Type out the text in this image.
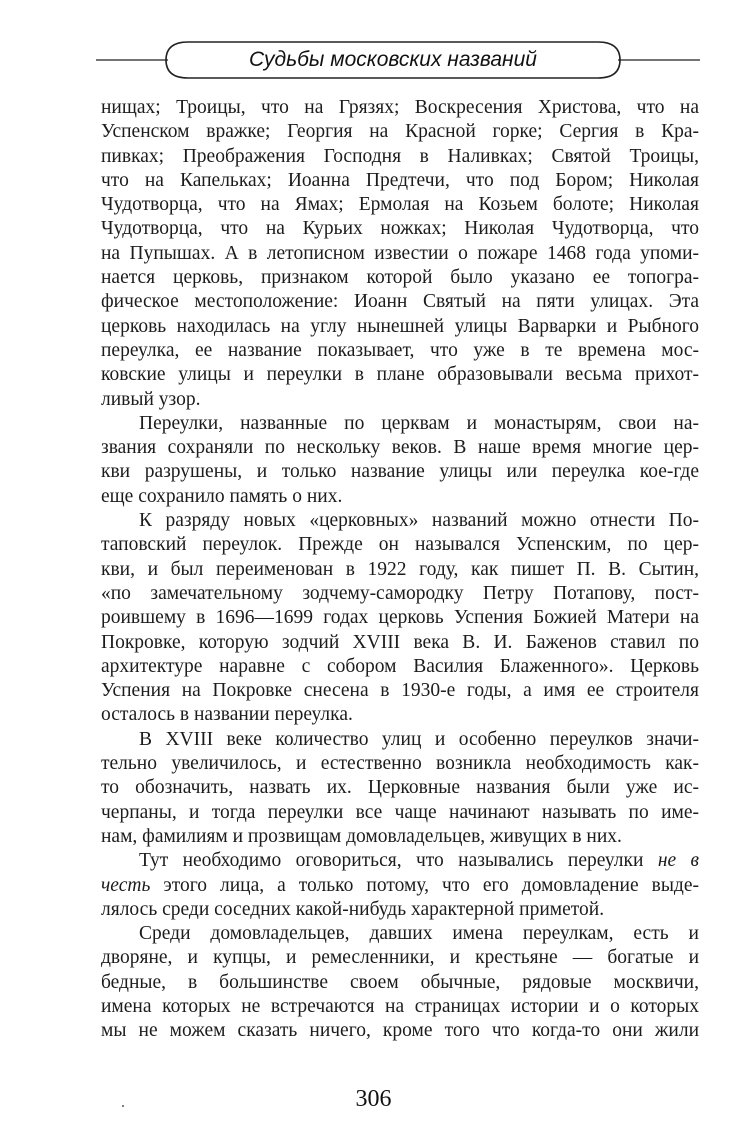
Судьбы московских названий
нищах; Троицы, что на Грязях; Воскресения Христова, что на
Успенском вражке; Георгия на Красной горке; Сергия в Кра-
пивках; Преображения Господня в Наливках; Святой Троицы,
что на Капельках; Иоанна Предтечи, что под Бором; Николая
Чудотворца, что на Ямах; Ермолая на Козьем болоте; Николая
Чудотворца, что на Курьих ножках; Николая Чудотворца, что
на Пупышах. А в летописном известии о пожаре 1468 года упоми-
нается церковь, признаком которой было указано ее топогра-
фическое местоположение: Иоанн Святый на пяти улицах. Эта
церковь находилась на углу нынешней улицы Варварки и Рыбного
переулка, ее название показывает, что уже в те времена мос-
ковские улицы и переулки в плане образовывали весьма прихот-
ливый узор.
Переулки, названные по церквам и монастырям, свои на-
звания сохраняли по нескольку веков. В наше время многие цер-
кви разрушены, и только название улицы или переулка кое-где
еще сохранило память о них.
К разряду новых «церковных» названий можно отнести По-
таповский переулок. Прежде он назывался Успенским, по цер-
кви, и был переименован в 1922 году, как пишет П. В. Сытин,
«по замечательному зодчему-самородку Петру Потапову, пост-
роившему в 1696—1699 годах церковь Успения Божией Матери на
Покровке, которую зодчий XVIII века В. И. Баженов ставил по
архитектуре наравне с собором Василия Блаженного». Церковь
Успения на Покровке снесена в 1930-е годы, а имя ее строителя
осталось в названии переулка.
В XVIII веке количество улиц и особенно переулков значи-
тельно увеличилось, и естественно возникла необходимость как-
то обозначить, назвать их. Церковные названия были уже ис-
черпаны, и тогда переулки все чаще начинают называть по име-
нам, фамилиям и прозвищам домовладельцев, живущих в них.
Тут необходимо оговориться, что назывались переулки не в
честь этого лица, а только потому, что его домовладение выде-
лялось среди соседних какой-нибудь характерной приметой.
Среди домовладельцев, давших имена переулкам, есть и
дворяне, и купцы, и ремесленники, и крестьяне — богатые и
бедные, в большинстве своем обычные, рядовые москвичи,
имена которых не встречаются на страницах истории и о которых
мы не можем сказать ничего, кроме того что когда-то они жили
306
